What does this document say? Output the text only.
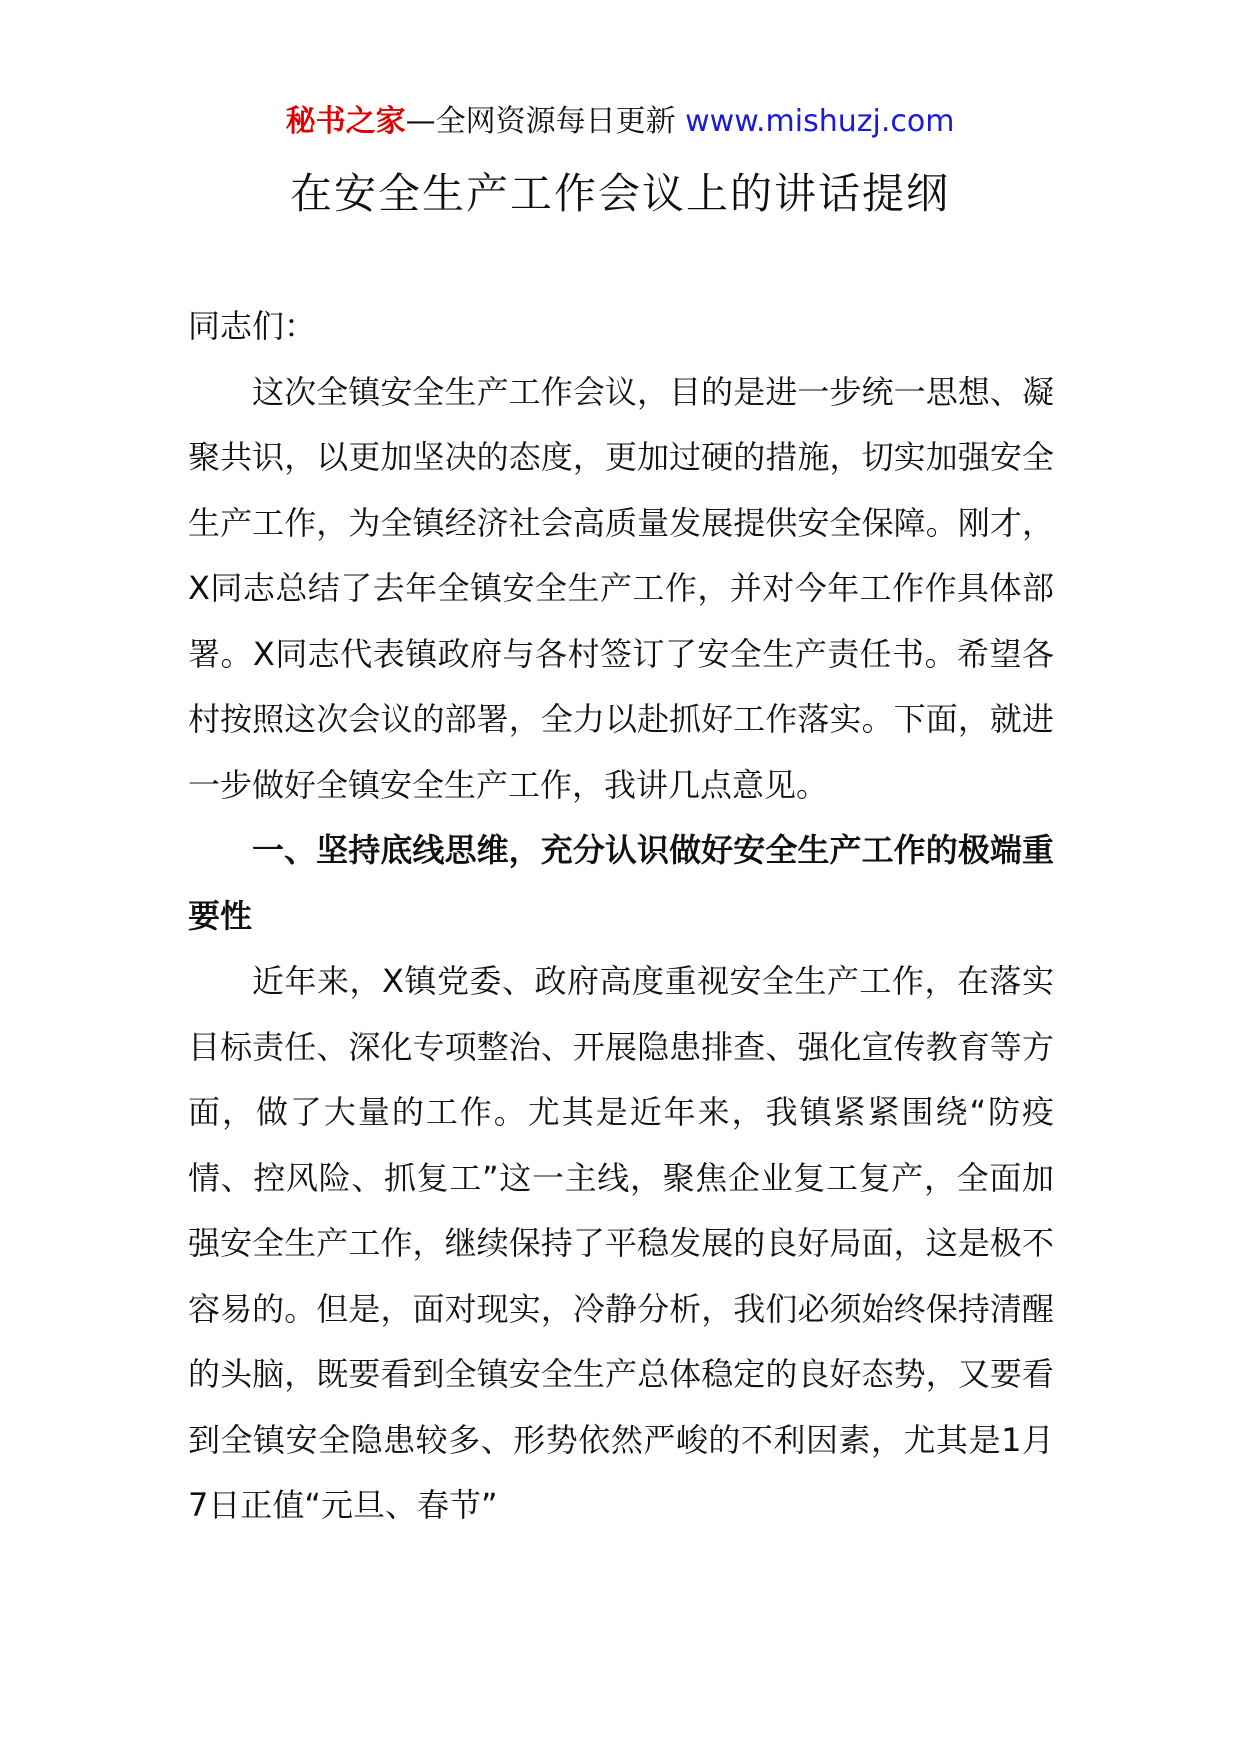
秘书之家—全网资源每日更新 www.mishuzj.com
在安全生产工作会议上的讲话提纲

同志们：

这次全镇安全生产工作会议，目的是进一步统一思想、凝聚共识，以更加坚决的态度，更加过硬的措施，切实加强安全生产工作，为全镇经济社会高质量发展提供安全保障。刚才，X同志总结了去年全镇安全生产工作，并对今年工作作具体部署。X同志代表镇政府与各村签订了安全生产责任书。希望各村按照这次会议的部署，全力以赴抓好工作落实。下面，就进一步做好全镇安全生产工作，我讲几点意见。

一、坚持底线思维，充分认识做好安全生产工作的极端重要性

近年来，X镇党委、政府高度重视安全生产工作，在落实目标责任、深化专项整治、开展隐患排查、强化宣传教育等方面，做了大量的工作。尤其是近年来，我镇紧紧围绕“防疫情、控风险、抓复工”这一主线，聚焦企业复工复产，全面加强安全生产工作，继续保持了平稳发展的良好局面，这是极不容易的。但是，面对现实，冷静分析，我们必须始终保持清醒的头脑，既要看到全镇安全生产总体稳定的良好态势，又要看到全镇安全隐患较多、形势依然严峻的不利因素，尤其是1月7日正值“元旦、春节”
